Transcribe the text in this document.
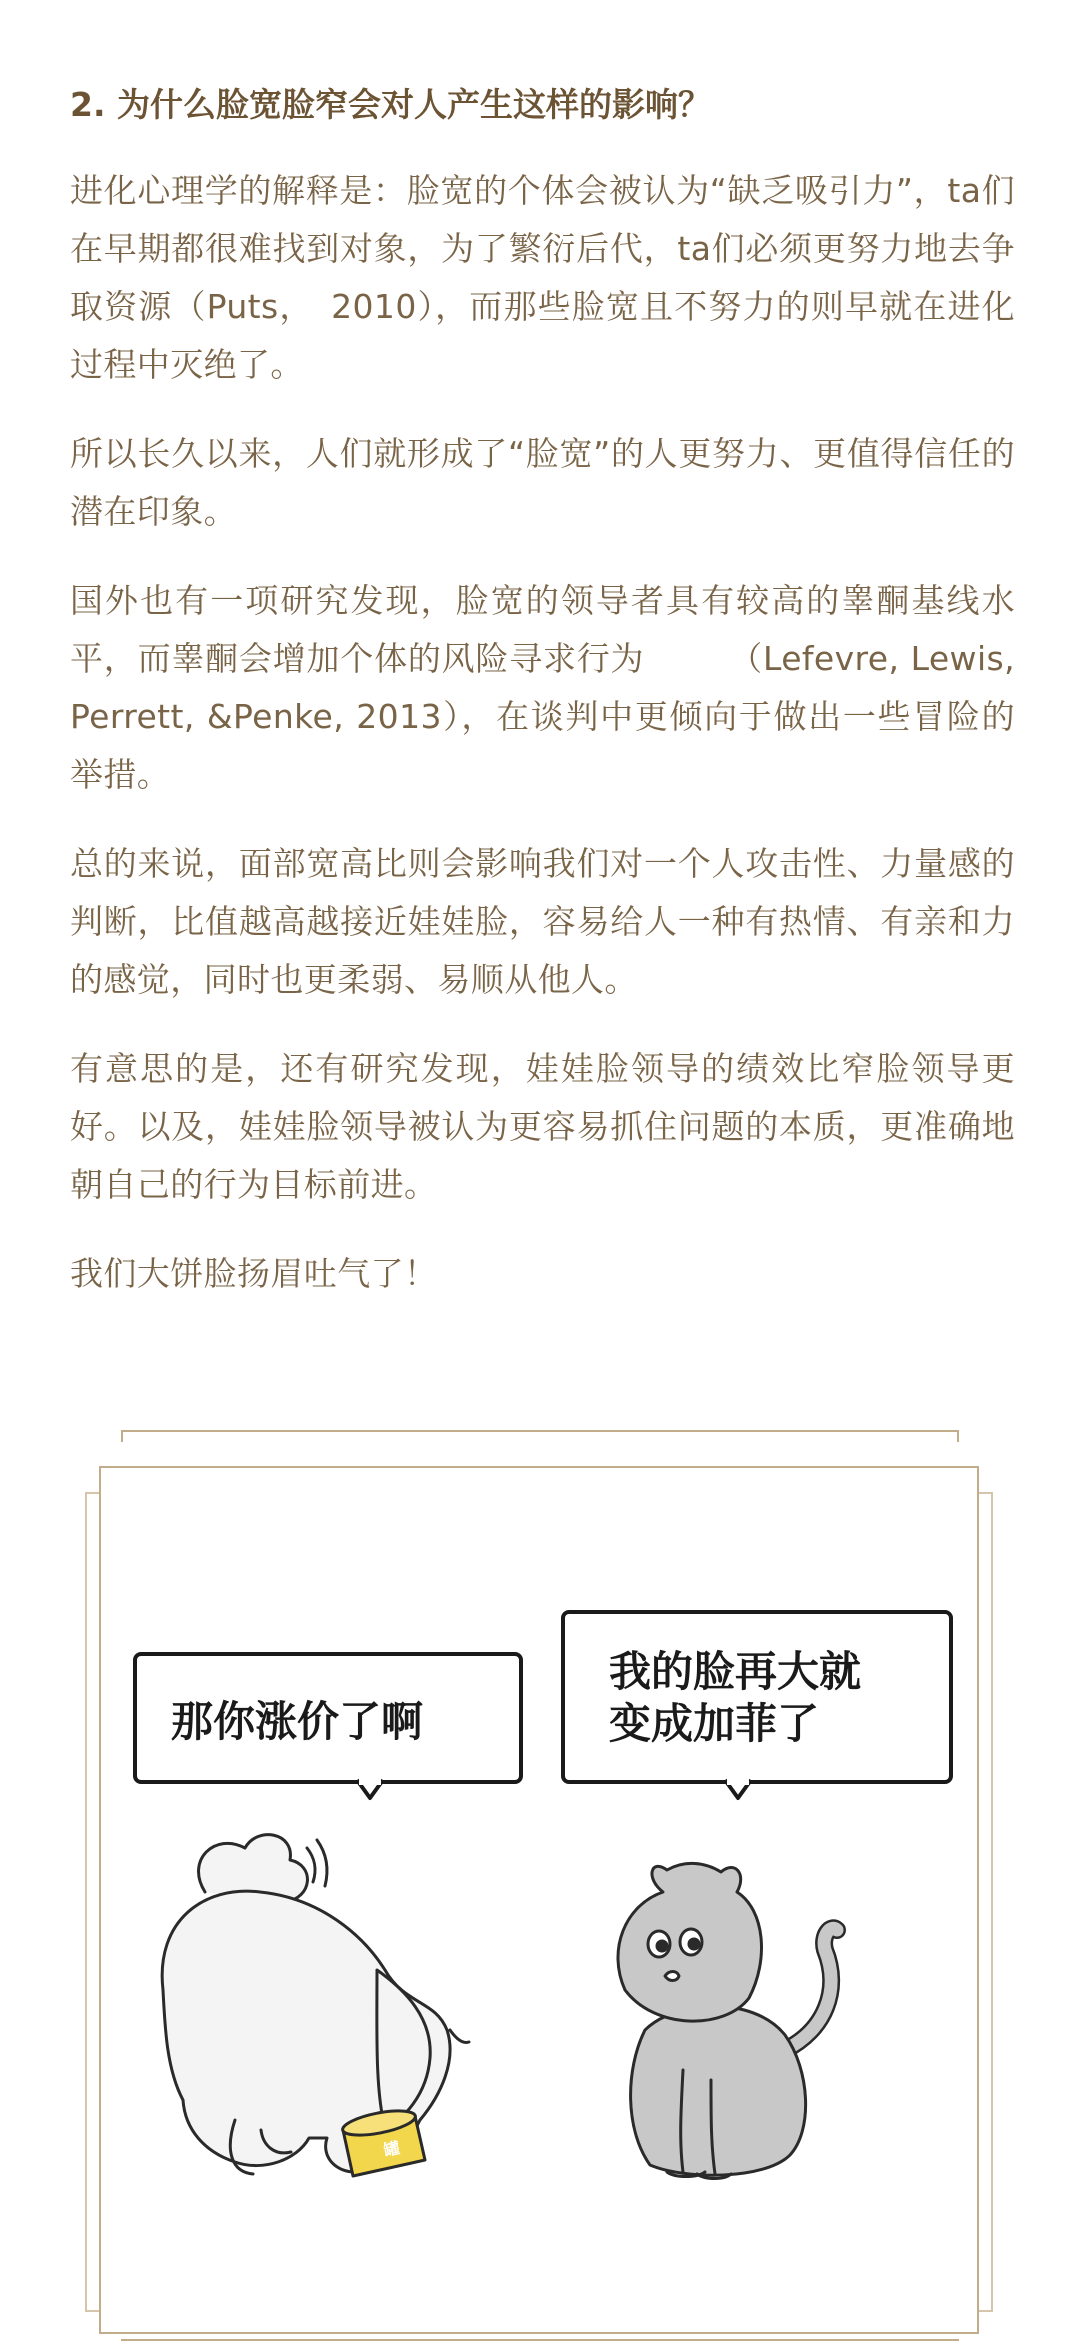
2. 为什么脸宽脸窄会对人产生这样的影响？

进化心理学的解释是：脸宽的个体会被认为“缺乏吸引力”，ta们在早期都很难找到对象，为了繁衍后代，ta们必须更努力地去争取资源（Puts，　2010），而那些脸宽且不努力的则早就在进化过程中灭绝了。

所以长久以来，人们就形成了“脸宽”的人更努力、更值得信任的潜在印象。

国外也有一项研究发现，脸宽的领导者具有较高的睾酮基线水平，而睾酮会增加个体的风险寻求行为　　　（Lefevre, Lewis, Perrett, &Penke, 2013），在谈判中更倾向于做出一些冒险的举措。

总的来说，面部宽高比则会影响我们对一个人攻击性、力量感的判断，比值越高越接近娃娃脸，容易给人一种有热情、有亲和力的感觉，同时也更柔弱、易顺从他人。

有意思的是，还有研究发现，娃娃脸领导的绩效比窄脸领导更好。以及，娃娃脸领导被认为更容易抓住问题的本质，更准确地朝自己的行为目标前进。

我们大饼脸扬眉吐气了！

那你涨价了啊
我的脸再大就
变成加菲了
罐
